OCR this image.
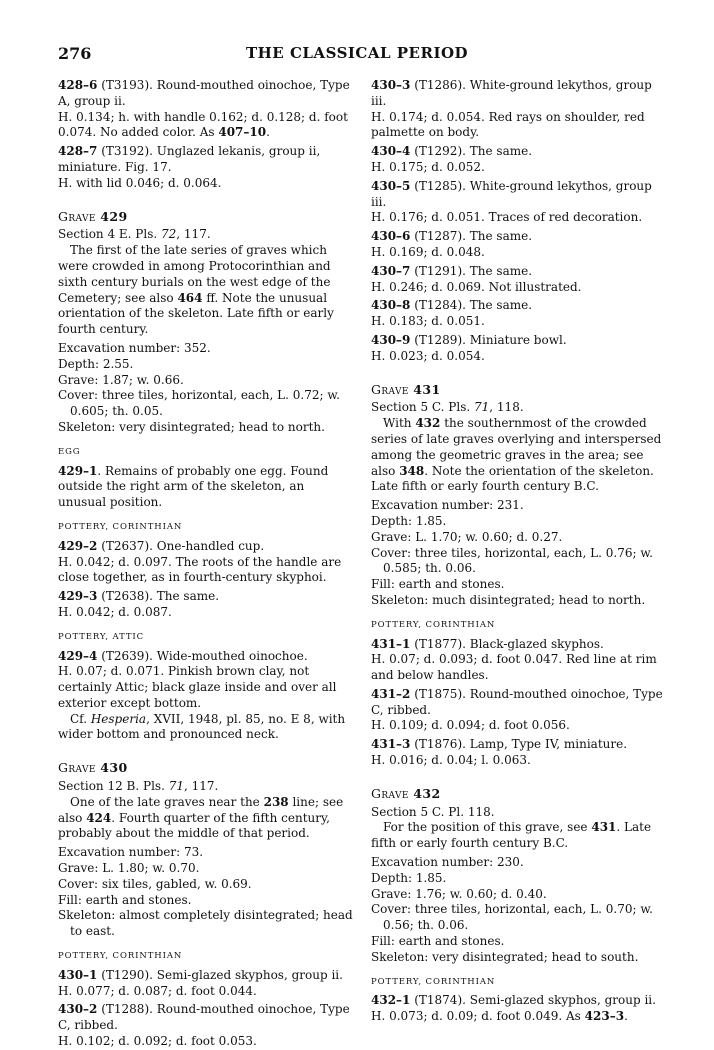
276	THE CLASSICAL PERIOD

428–6 (T3193). Round-mouthed oinochoe, Type A, group ii.

H. 0.134; h. with handle 0.162; d. 0.128; d. foot 0.074. No added color. As 407–10.

428–7 (T3192). Unglazed lekanis, group ii, miniature. Fig. 17.

H. with lid 0.046; d. 0.064.

Grave 429

Section 4 E. Pls. 72, 117.

The first of the late series of graves which were crowded in among Protocorinthian and sixth century burials on the west edge of the Cemetery; see also 464 ff. Note the unusual orientation of the skeleton. Late fifth or early fourth century.

Excavation number: 352.

Depth: 2.55.

Grave: 1.87; w. 0.66.

Cover: three tiles, horizontal, each, L. 0.72; w. 0.605; th. 0.05.

Skeleton: very disintegrated; head to north.

EGG

429–1. Remains of probably one egg. Found outside the right arm of the skeleton, an unusual position.

POTTERY, CORINTHIAN

429–2 (T2637). One-handled cup.

H. 0.042; d. 0.097. The roots of the handle are close together, as in fourth-century skyphoi.

429–3 (T2638). The same.

H. 0.042; d. 0.087.

POTTERY, ATTIC

429–4 (T2639). Wide-mouthed oinochoe.

H. 0.07; d. 0.071. Pinkish brown clay, not certainly Attic; black glaze inside and over all exterior except bottom.

Cf. Hesperia, XVII, 1948, pl. 85, no. E 8, with wider bottom and pronounced neck.

Grave 430

Section 12 B. Pls. 71, 117.

One of the late graves near the 238 line; see also 424. Fourth quarter of the fifth century, probably about the middle of that period.

Excavation number: 73.

Grave: L. 1.80; w. 0.70.

Cover: six tiles, gabled, w. 0.69.

Fill: earth and stones.

Skeleton: almost completely disintegrated; head to east.

POTTERY, CORINTHIAN

430–1 (T1290). Semi-glazed skyphos, group ii.

H. 0.077; d. 0.087; d. foot 0.044.

430–2 (T1288). Round-mouthed oinochoe, Type C, ribbed.

H. 0.102; d. 0.092; d. foot 0.053.

430–3 (T1286). White-ground lekythos, group iii.

H. 0.174; d. 0.054. Red rays on shoulder, red palmette on body.

430–4 (T1292). The same.

H. 0.175; d. 0.052.

430–5 (T1285). White-ground lekythos, group iii.

H. 0.176; d. 0.051. Traces of red decoration.

430–6 (T1287). The same.

H. 0.169; d. 0.048.

430–7 (T1291). The same.

H. 0.246; d. 0.069. Not illustrated.

430–8 (T1284). The same.

H. 0.183; d. 0.051.

430–9 (T1289). Miniature bowl.

H. 0.023; d. 0.054.

Grave 431

Section 5 C. Pls. 71, 118.

With 432 the southernmost of the crowded series of late graves overlying and interspersed among the geometric graves in the area; see also 348. Note the orientation of the skeleton. Late fifth or early fourth century B.C.

Excavation number: 231.

Depth: 1.85.

Grave: L. 1.70; w. 0.60; d. 0.27.

Cover: three tiles, horizontal, each, L. 0.76; w. 0.585; th. 0.06.

Fill: earth and stones.

Skeleton: much disintegrated; head to north.

POTTERY, CORINTHIAN

431–1 (T1877). Black-glazed skyphos.

H. 0.07; d. 0.093; d. foot 0.047. Red line at rim and below handles.

431–2 (T1875). Round-mouthed oinochoe, Type C, ribbed.

H. 0.109; d. 0.094; d. foot 0.056.

431–3 (T1876). Lamp, Type IV, miniature.

H. 0.016; d. 0.04; l. 0.063.

Grave 432

Section 5 C. Pl. 118.

For the position of this grave, see 431. Late fifth or early fourth century B.C.

Excavation number: 230.

Depth: 1.85.

Grave: 1.76; w. 0.60; d. 0.40.

Cover: three tiles, horizontal, each, L. 0.70; w. 0.56; th. 0.06.

Fill: earth and stones.

Skeleton: very disintegrated; head to south.

POTTERY, CORINTHIAN

432–1 (T1874). Semi-glazed skyphos, group ii.

H. 0.073; d. 0.09; d. foot 0.049. As 423–3.
